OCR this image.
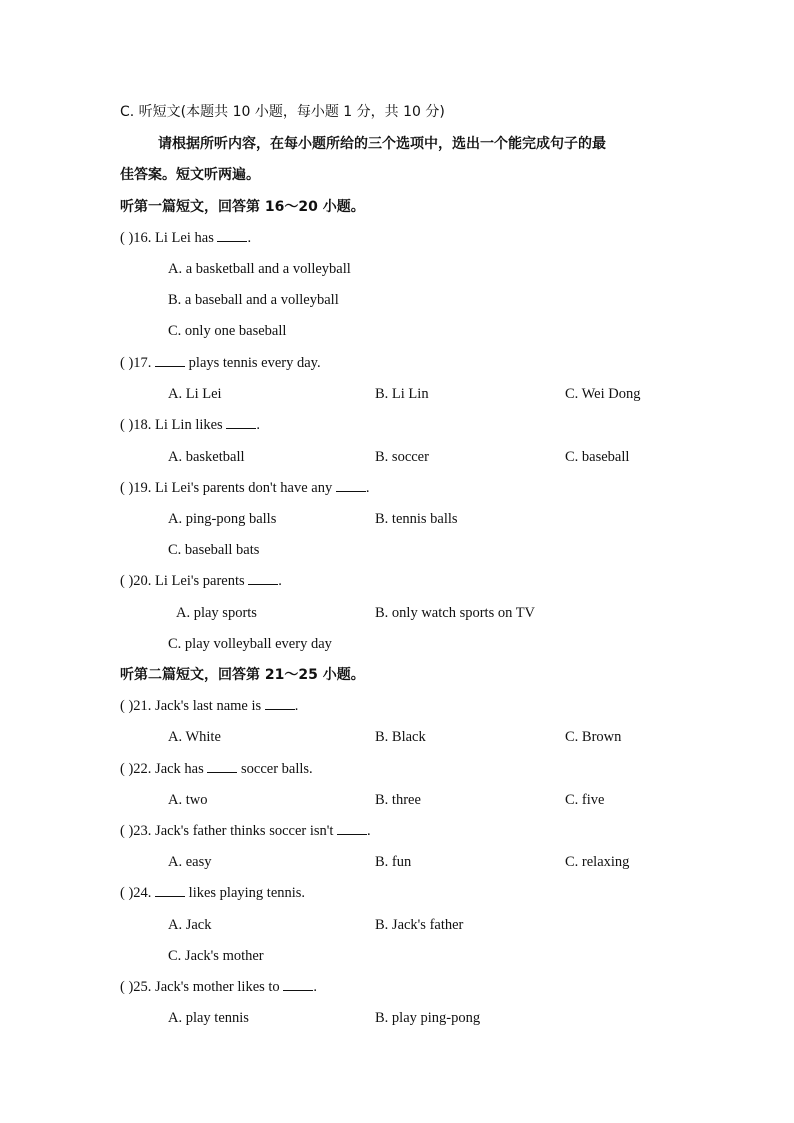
C. 听短文(本题共 10 小题，每小题 1 分，共 10 分)
请根据所听内容，在每小题所给的三个选项中，选出一个能完成句子的最
佳答案。短文听两遍。
听第一篇短文，回答第 16～20 小题。
( )16. Li Lei has .
A. a basketball and a volleyball
B. a baseball and a volleyball
C. only one baseball
( )17.  plays tennis every day.
A. Li Lei	B. Li Lin	C. Wei Dong
( )18. Li Lin likes .
A. basketball	B. soccer	C. baseball
( )19. Li Lei's parents don't have any .
A. ping-pong balls	B. tennis balls
C. baseball bats
( )20. Li Lei's parents .
A. play sports	B. only watch sports on TV
C. play volleyball every day
听第二篇短文，回答第 21～25 小题。
( )21. Jack's last name is .
A. White	B. Black	C. Brown
( )22. Jack has  soccer balls.
A. two	B. three	C. five
( )23. Jack's father thinks soccer isn't .
A. easy	B. fun	C. relaxing
( )24.  likes playing tennis.
A. Jack	B. Jack's father
C. Jack's mother
( )25. Jack's mother likes to .
A. play tennis	B. play ping-pong
